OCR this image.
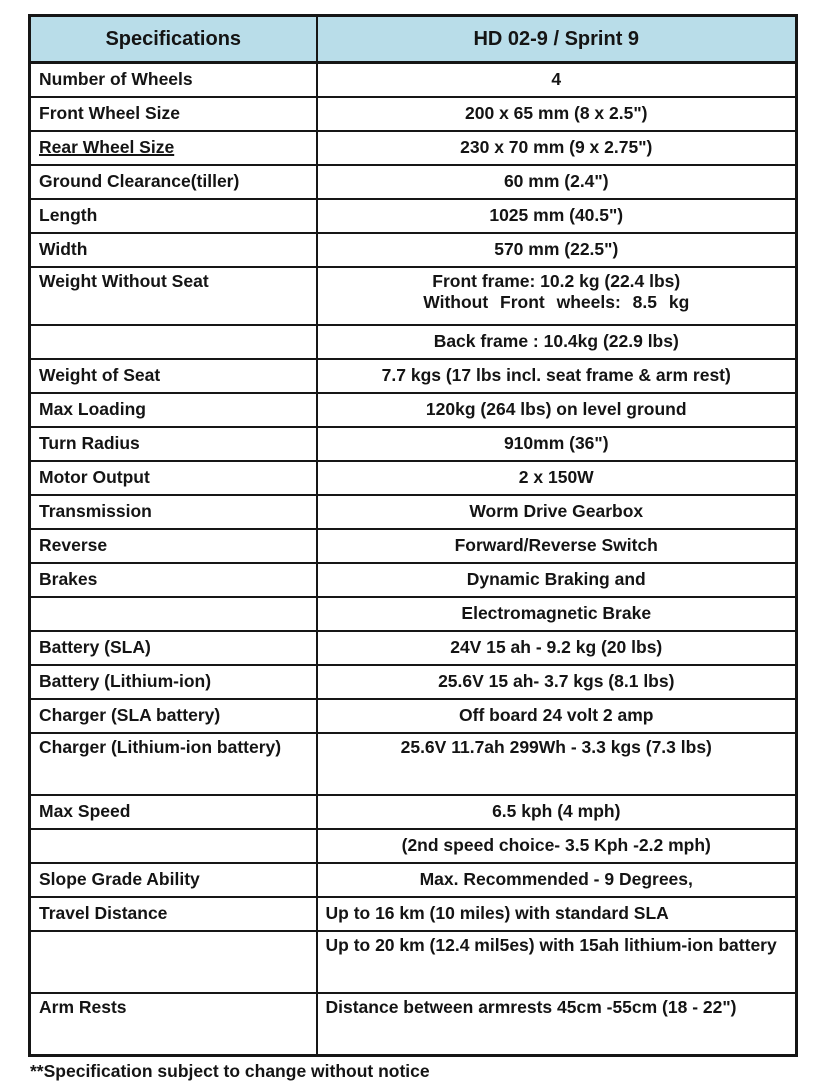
Specifications	HD 02-9 / Sprint 9
Number of Wheels	4

Front Wheel Size	200 x 65 mm (8 x 2.5")

Rear Wheel Size	230 x 70 mm (9 x 2.75")

Ground Clearance(tiller)	60 mm (2.4")

Length	1025 mm (40.5")

Width	570 mm (22.5")

Weight Without Seat	Front frame: 10.2 kg (22.4 lbs)
Without Front wheels: 8.5 kg

	Back frame : 10.4kg (22.9 lbs)

Weight of Seat	7.7 kgs (17 lbs incl. seat frame & arm rest)

Max Loading	120kg (264 lbs) on level ground

Turn Radius	910mm (36")

Motor Output	2 x 150W

Transmission	Worm Drive Gearbox

Reverse	Forward/Reverse Switch

Brakes	Dynamic Braking and

	Electromagnetic Brake

Battery (SLA)	24V 15 ah - 9.2 kg (20 lbs)

Battery (Lithium-ion)	25.6V 15 ah- 3.7 kgs (8.1 lbs)

Charger (SLA battery)	Off board 24 volt 2 amp

Charger (Lithium-ion battery)	25.6V 11.7ah 299Wh - 3.3 kgs (7.3 lbs)

Max Speed	6.5 kph (4 mph)

	(2nd speed choice- 3.5 Kph -2.2 mph)

Slope Grade Ability	Max. Recommended - 9 Degrees,

Travel Distance	Up to 16 km (10 miles) with standard SLA

	Up to 20 km (12.4 mil5es) with 15ah lithium-ion battery

Arm Rests	Distance between armrests 45cm -55cm (18 - 22")
**Specification subject to change without notice
